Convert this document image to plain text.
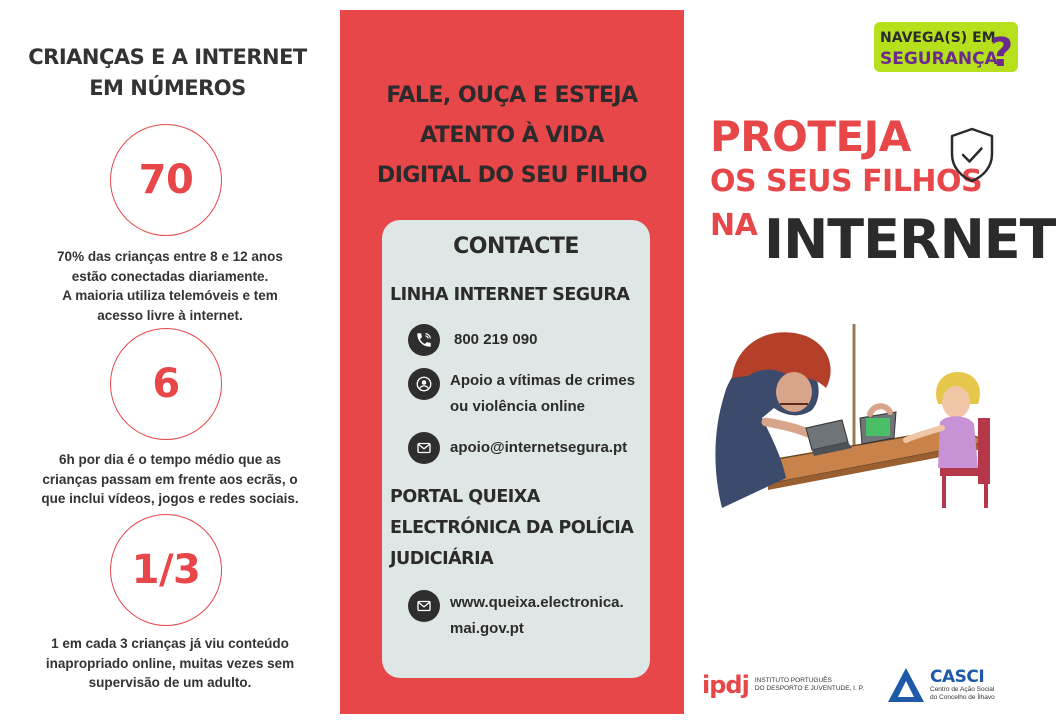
CRIANÇAS E A INTERNET
EM NÚMEROS
70
70% das crianças entre 8 e 12 anos
estão conectadas diariamente.
A maioria utiliza telemóveis e tem
acesso livre à internet.
6
6h por dia é o tempo médio que as
crianças passam em frente aos ecrãs, o
que inclui vídeos, jogos e redes sociais.
1/3
1 em cada 3 crianças já viu conteúdo
inapropriado online, muitas vezes sem
supervisão de um adulto.
FALE, OUÇA E ESTEJA
ATENTO À VIDA
DIGITAL DO SEU FILHO
CONTACTE
LINHA INTERNET SEGURA
800 219 090
Apoio a vítimas de crimes
ou violência online
apoio@internetsegura.pt
PORTAL QUEIXA
ELECTRÓNICA DA POLÍCIA
JUDICIÁRIA
www.queixa.electronica.
mai.gov.pt
NAVEGA(S) EM
SEGURANÇA
?
PROTEJA
OS SEUS FILHOS
NA INTERNET
ipdj INSTITUTO PORTUGUÊS
DO DESPORTO E JUVENTUDE, I. P.
CASCI
Centro de Ação Social
do Concelho de Ílhavo
